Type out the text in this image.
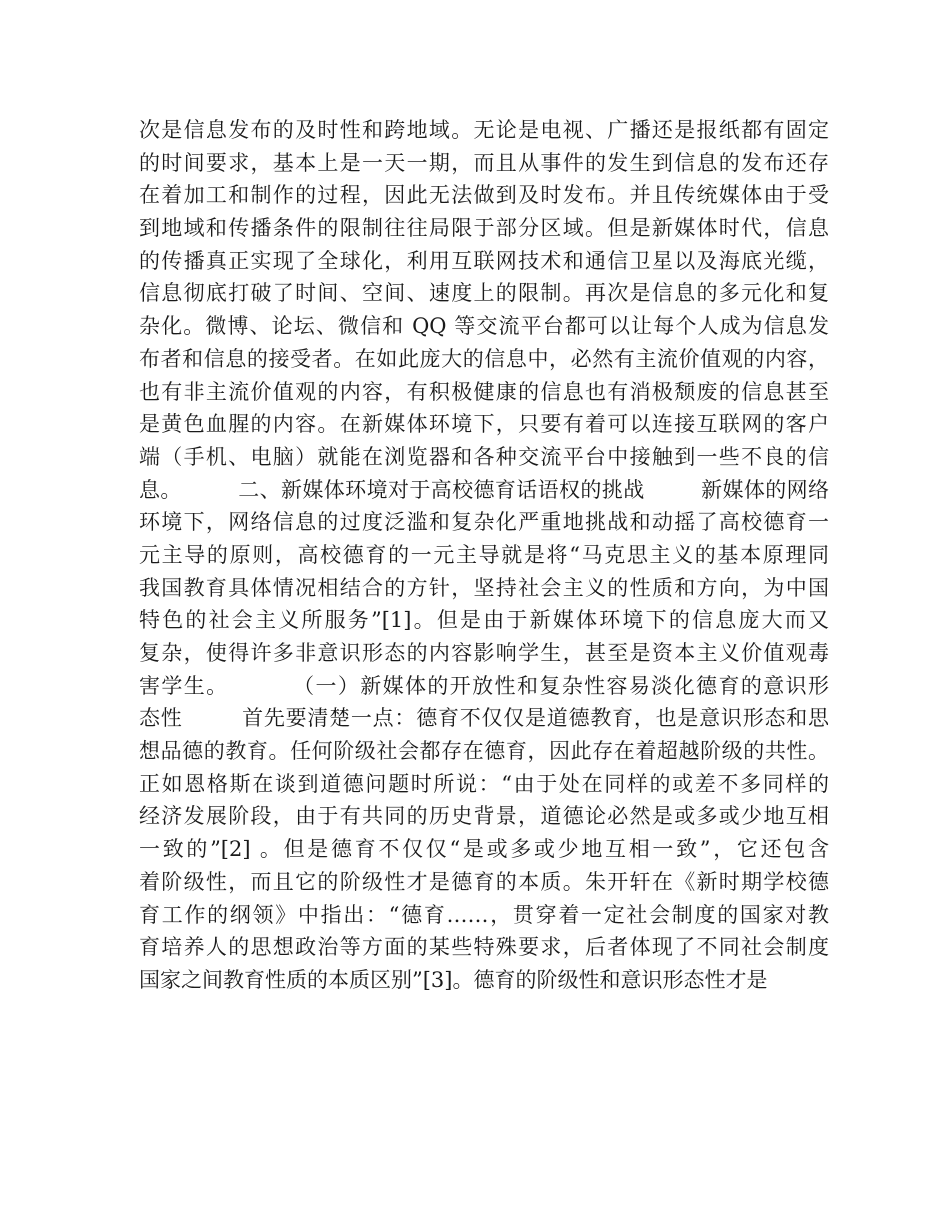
次是信息发布的及时性和跨地域。无论是电视、广播还是报纸都有固定
的时间要求，基本上是一天一期，而且从事件的发生到信息的发布还存
在着加工和制作的过程，因此无法做到及时发布。并且传统媒体由于受
到地域和传播条件的限制往往局限于部分区域。但是新媒体时代，信息
的传播真正实现了全球化，利用互联网技术和通信卫星以及海底光缆，
信息彻底打破了时间、空间、速度上的限制。再次是信息的多元化和复
杂化。微博、论坛、微信和 QQ 等交流平台都可以让每个人成为信息发
布者和信息的接受者。在如此庞大的信息中，必然有主流价值观的内容，
也有非主流价值观的内容，有积极健康的信息也有消极颓废的信息甚至
是黄色血腥的内容。在新媒体环境下，只要有着可以连接互联网的客户
端（手机、电脑）就能在浏览器和各种交流平台中接触到一些不良的信
息。        二、新媒体环境对于高校德育话语权的挑战        新媒体的网络
环境下，网络信息的过度泛滥和复杂化严重地挑战和动摇了高校德育一
元主导的原则，高校德育的一元主导就是将“马克思主义的基本原理同
我国教育具体情况相结合的方针，坚持社会主义的性质和方向，为中国
特色的社会主义所服务”[1]。但是由于新媒体环境下的信息庞大而又
复杂，使得许多非意识形态的内容影响学生，甚至是资本主义价值观毒
害学生。        （一）新媒体的开放性和复杂性容易淡化德育的意识形
态性        首先要清楚一点：德育不仅仅是道德教育，也是意识形态和思
想品德的教育。任何阶级社会都存在德育，因此存在着超越阶级的共性。
正如恩格斯在谈到道德问题时所说：“由于处在同样的或差不多同样的
经济发展阶段，由于有共同的历史背景，道德论必然是或多或少地互相
一致的”[2] 。但是德育不仅仅“是或多或少地互相一致”，它还包含
着阶级性，而且它的阶级性才是德育的本质。朱开轩在《新时期学校德
育工作的纲领》中指出：“德育……，贯穿着一定社会制度的国家对教
育培养人的思想政治等方面的某些特殊要求，后者体现了不同社会制度
国家之间教育性质的本质区别”[3]。德育的阶级性和意识形态性才是
